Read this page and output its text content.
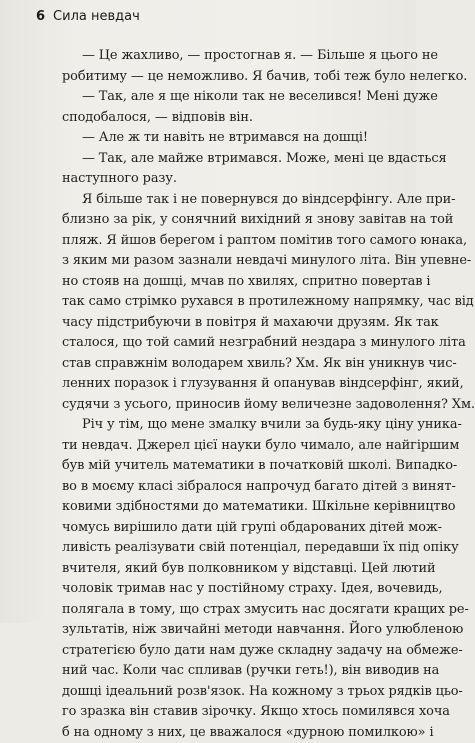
6 Сила невдач
— Це жахливо, — простогнав я. — Більше я цього не
робитиму — це неможливо. Я бачив, тобі теж було нелегко.
— Так, але я ще ніколи так не веселився! Мені дуже
сподобалося, — відповів він.
— Але ж ти навіть не втримався на дошці!
— Так, але майже втримався. Може, мені це вдасться
наступного разу.
Я більше так і не повернувся до віндсерфінгу. Але при-
близно за рік, у сонячний вихідний я знову завітав на той
пляж. Я йшов берегом і раптом помітив того самого юнака,
з яким ми разом зазнали невдачі минулого літа. Він упевне-
но стояв на дошці, мчав по хвилях, спритно повертав і
так само стрімко рухався в протилежному напрямку, час від
часу підстрибуючи в повітря й махаючи друзям. Як так
сталося, що той самий незграбний нездара з минулого літа
став справжнім володарем хвиль? Хм. Як він уникнув чис-
ленних поразок і глузування й опанував віндсерфінг, який,
судячи з усього, приносив йому величезне задоволення? Хм.
Річ у тім, що мене змалку вчили за будь-яку ціну уника-
ти невдач. Джерел цієї науки було чимало, але найгіршим
був мій учитель математики в початковій школі. Випадко-
во в моєму класі зібралося напрочуд багато дітей з винят-
ковими здібностями до математики. Шкільне керівництво
чомусь вирішило дати цій групі обдарованих дітей мож-
ливість реалізувати свій потенціал, передавши їх під опіку
вчителя, який був полковником у відставці. Цей лютий
чоловік тримав нас у постійному страху. Ідея, вочевидь,
полягала в тому, що страх змусить нас досягати кращих ре-
зультатів, ніж звичайні методи навчання. Його улюбленою
стратегією було дати нам дуже складну задачу на обмеже-
ний час. Коли час спливав (ручки геть!), він виводив на
дошці ідеальний розв'язок. На кожному з трьох рядків цьо-
го зразка він ставив зірочку. Якщо хтось помилявся хоча
б на одному з них, це вважалося «дурною помилкою» і
